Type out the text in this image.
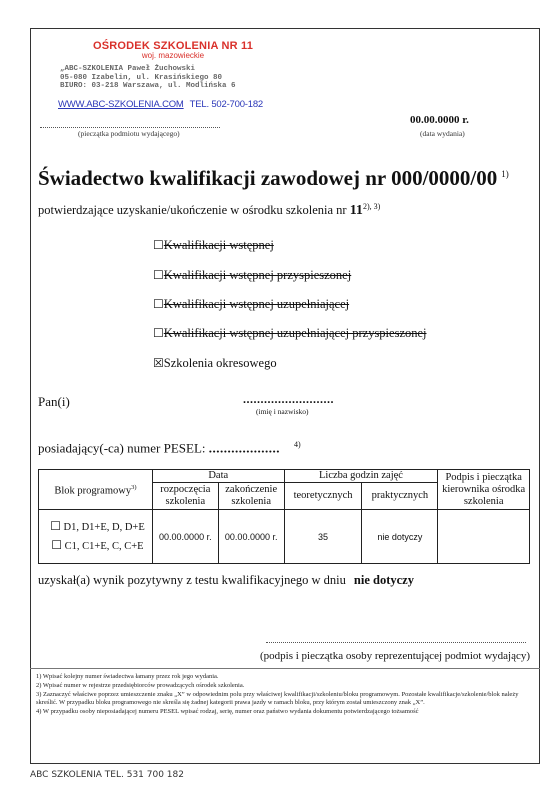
OŚRODEK SZKOLENIA NR 11
woj. mazowieckie
„ABC-SZKOLENIA Paweł Żuchowski
05-080 Izabelin, ul. Krasińskiego 80
BIURO: 03-218 Warszawa, ul. Modlińska 6
WWW.ABC-SZKOLENIA.COM TEL. 502-700-182
(pieczątka podmiotu wydającego)
00.00.0000 r.
(data wydania)
Świadectwo kwalifikacji zawodowej nr 000/0000/00 $^{1)}$
potwierdzające uzyskanie/ukończenie w ośrodku szkolenia nr $11^{2), 3)}$
☐Kwalifikacji wstępnej
☐Kwalifikacji wstępnej przyspieszonej
☐Kwalifikacji wstępnej uzupełniającej
☐Kwalifikacji wstępnej uzupełniającej przyspieszonej
☒Szkolenia okresowego
Pan(i)	..........................
(imię i nazwisko)
posiadający(-ca) numer PESEL: ................... $^{4)}$
Blok programowy$^{3)}$	Data		Liczba godzin zajęć		Podpis i pieczątka kierownika ośrodka szkolenia
	rozpoczęcia szkolenia	zakończenie szkolenia	teoretycznych	praktycznych	

☐ D1, D1+E, D, D+E
☐ C1, C1+E, C, C+E	00.00.0000 r.	00.00.0000 r.	35	nie dotyczy	
uzyskał(a) wynik pozytywny z testu kwalifikacyjnego w dniu nie dotyczy
(podpis i pieczątka osoby reprezentującej podmiot wydający)

1) Wpisać kolejny numer świadectwa łamany przez rok jego wydania.

2) Wpisać numer w rejestrze przedsiębiorców prowadzących ośrodek szkolenia.

3) Zaznaczyć właściwe poprzez umieszczenie znaku „X” w odpowiednim polu przy właściwej kwalifikacji/szkoleniu/bloku programowym. Pozostałe kwalifikacje/szkolenie/blok należy skreślić. W przypadku bloku programowego nie skreśla się żadnej kategorii prawa jazdy w ramach bloku, przy którym został umieszczony znak „X”.

4) W przypadku osoby nieposiadającej numeru PESEL wpisać rodzaj, serię, numer oraz państwo wydania dokumentu potwierdzającego tożsamość

ABC SZKOLENIA TEL. 531 700 182
